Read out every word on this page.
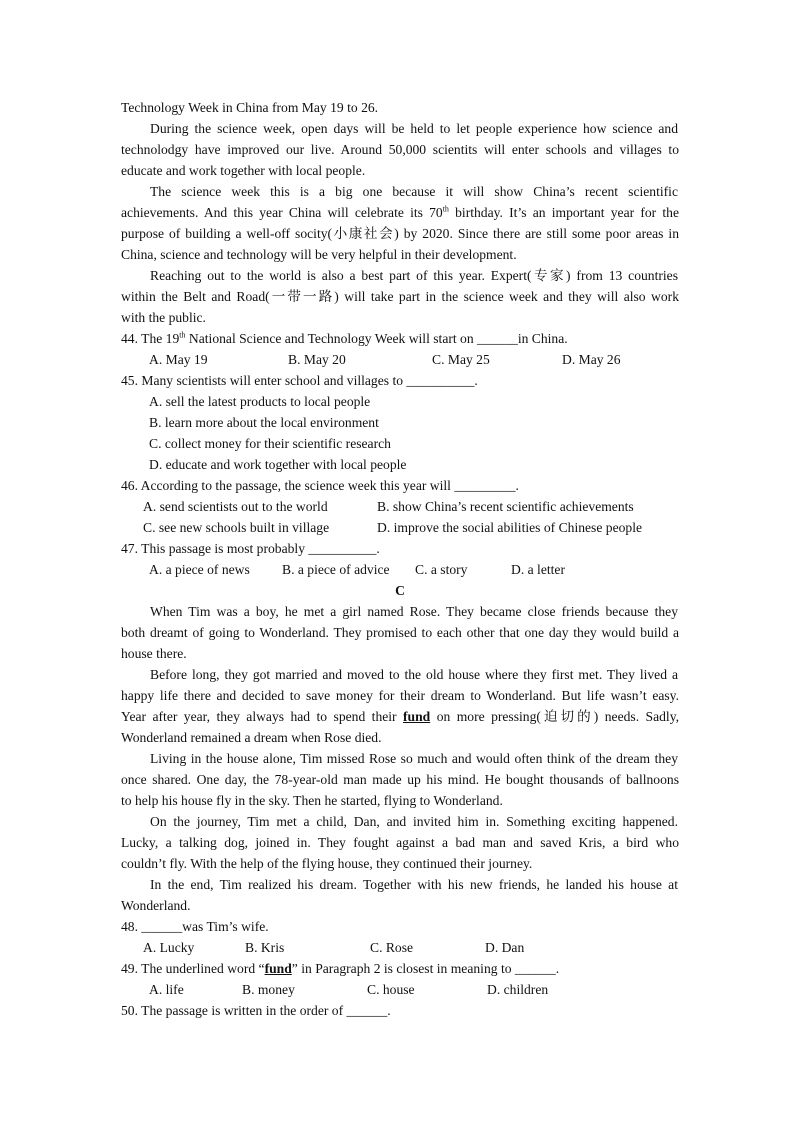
Technology Week in China from May 19 to 26.
During the science week, open days will be held to let people experience how science and
technolodgy have improved our live. Around 50,000 scientits will enter schools and villages to
educate and work together with local people.
The science week this is a big one because it will show China’s recent scientific
achievements. And this year China will celebrate its 70th birthday. It’s an important year for the
purpose of building a well-off socity(小康社会) by 2020. Since there are still some poor areas in
China, science and technology will be very helpful in their development.
Reaching out to the world is also a best part of this year. Expert(专家) from 13 countries
within the Belt and Road(一带一路) will take part in the science week and they will also work
with the public.
44. The 19th National Science and Technology Week will start on ______in China.
A. May 19	B. May 20	C. May 25	D. May 26
45. Many scientists will enter school and villages to __________.
A. sell the latest products to local people
B. learn more about the local environment
C. collect money for their scientific research
D. educate and work together with local people
46. According to the passage, the science week this year will _________.
A. send scientists out to the world	B. show China’s recent scientific achievements
C. see new schools built in village	D. improve the social abilities of Chinese people
47. This passage is most probably __________.
A. a piece of news B. a piece of advice C. a story	D. a letter
C
When Tim was a boy, he met a girl named Rose. They became close friends because they
both dreamt of going to Wonderland. They promised to each other that one day they would build a
house there.
Before long, they got married and moved to the old house where they first met. They lived a
happy life there and decided to save money for their dream to Wonderland. But life wasn’t easy.
Year after year, they always had to spend their fund on more pressing(迫切的) needs. Sadly,
Wonderland remained a dream when Rose died.
Living in the house alone, Tim missed Rose so much and would often think of the dream they
once shared. One day, the 78-year-old man made up his mind. He bought thousands of ballnoons
to help his house fly in the sky. Then he started, flying to Wonderland.
On the journey, Tim met a child, Dan, and invited him in. Something exciting happened.
Lucky, a talking dog, joined in. They fought against a bad man and saved Kris, a bird who
couldn’t fly. With the help of the flying house, they continued their journey.
In the end, Tim realized his dream. Together with his new friends, he landed his house at
Wonderland.
48. ______was Tim’s wife.
A. Lucky	B. Kris	C. Rose	D. Dan
49. The underlined word “fund” in Paragraph 2 is closest in meaning to ______.
A. life	B. money	C. house	D. children
50. The passage is written in the order of ______.
